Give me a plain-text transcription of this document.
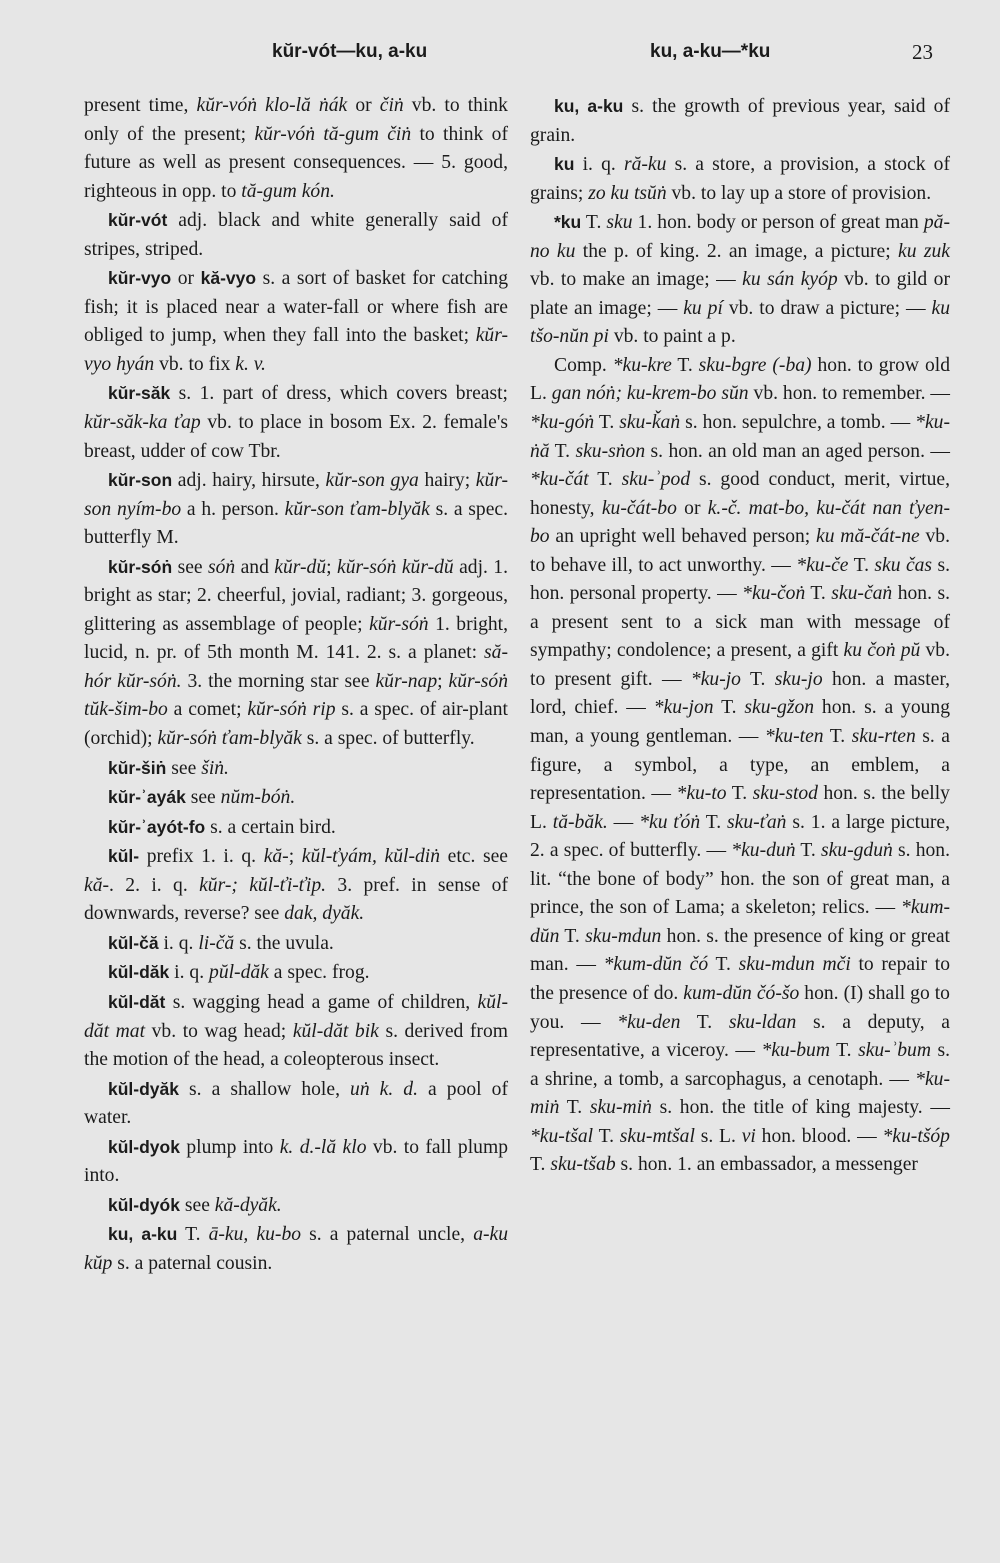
kŭr-vót—ku, a-ku	ku, a-ku—*ku	23

present time, kŭr-vóṅ klo-lă ṅák or čiṅ vb. to think only of the present; kŭr-vóṅ tă-gum čiṅ to think of future as well as present consequences. — 5. good, righteous in opp. to tă-gum kón.

kŭr-vót adj. black and white generally said of stripes, striped.

kŭr-vyo or kă-vyo s. a sort of basket for catching fish; it is placed near a water-fall or where fish are obliged to jump, when they fall into the basket; kŭr-vyo hyán vb. to fix k. v.

kŭr-săk s. 1. part of dress, which covers breast; kŭr-săk-ka ťap vb. to place in bosom Ex. 2. female's breast, udder of cow Tbr.

kŭr-son adj. hairy, hirsute, kŭr-son gya hairy; kŭr-son nyím-bo a h. person. kŭr-son ťam-blyăk s. a spec. butterfly M.

kŭr-sóṅ see sóṅ and kŭr-dŭ; kŭr-sóṅ kŭr-dŭ adj. 1. bright as star; 2. cheerful, jovial, radiant; 3. gorgeous, glittering as assemblage of people; kŭr-sóṅ 1. bright, lucid, n. pr. of 5th month M. 141. 2. s. a planet: să-hór kŭr-sóṅ. 3. the morning star see kŭr-nap; kŭr-sóṅ tŭk-šim-bo a comet; kŭr-sóṅ rip s. a spec. of air-plant (orchid); kŭr-sóṅ ťam-blyăk s. a spec. of butterfly.

kŭr-šiṅ see šiṅ.

kŭr-ʾayák see nŭm-bóṅ.

kŭr-ʾayót-fo s. a certain bird.

kŭl- prefix 1. i. q. kă-; kŭl-ťyám, kŭl-diṅ etc. see kă-. 2. i. q. kŭr-; kŭl-ťi-ťip. 3. pref. in sense of downwards, reverse? see dak, dyăk.

kŭl-čă i. q. li-čă s. the uvula.

kŭl-dăk i. q. pŭl-dăk a spec. frog.

kŭl-dăt s. wagging head a game of children, kŭl-dăt mat vb. to wag head; kŭl-dăt bik s. derived from the motion of the head, a coleopterous insect.

kŭl-dyăk s. a shallow hole, uṅ k. d. a pool of water.

kŭl-dyok plump into k. d.-lă klo vb. to fall plump into.

kŭl-dyók see kă-dyăk.

ku, a-ku T. ā-ku, ku-bo s. a paternal uncle, a-ku kŭp s. a paternal cousin.

ku, a-ku s. the growth of previous year, said of grain.

ku i. q. ră-ku s. a store, a provision, a stock of grains; zo ku tsŭṅ vb. to lay up a store of provision.

*ku T. sku 1. hon. body or person of great man pă-no ku the p. of king. 2. an image, a picture; ku zuk vb. to make an image; — ku sán kyóp vb. to gild or plate an image; — ku pí vb. to draw a picture; — ku tšo-nŭn pi vb. to paint a p.

Comp. *ku-kre T. sku-bgre (-ba) hon. to grow old L. gan nóṅ; ku-krem-bo sŭn vb. hon. to remember. — *ku-góṅ T. sku-ǩaṅ s. hon. sepulchre, a tomb. — *ku-ṅă T. sku-sṅon s. hon. an old man an aged person. — *ku-čát T. sku-ʾpod s. good conduct, merit, virtue, honesty, ku-čát-bo or k.-č. mat-bo, ku-čát nan ťyen-bo an upright well behaved person; ku mă-čát-ne vb. to behave ill, to act unworthy. — *ku-če T. sku čas s. hon. personal property. — *ku-čoṅ T. sku-čaṅ hon. s. a present sent to a sick man with message of sympathy; condolence; a present, a gift ku čoṅ pŭ vb. to present gift. — *ku-jo T. sku-jo hon. a master, lord, chief. — *ku-jon T. sku-gžon hon. s. a young man, a young gentleman. — *ku-ten T. sku-rten s. a figure, a symbol, a type, an emblem, a representation. — *ku-to T. sku-stod hon. s. the belly L. tă-băk. — *ku ťóṅ T. sku-ťaṅ s. 1. a large picture, 2. a spec. of butterfly. — *ku-duṅ T. sku-gduṅ s. hon. lit. “the bone of body” hon. the son of great man, a prince, the son of Lama; a skeleton; relics. — *kum-dŭn T. sku-mdun hon. s. the presence of king or great man. — *kum-dŭn čó T. sku-mdun mči to repair to the presence of do. kum-dŭn čó-šo hon. (I) shall go to you. — *ku-den T. sku-ldan s. a deputy, a representative, a viceroy. — *ku-bum T. sku-ʾbum s. a shrine, a tomb, a sarcophagus, a cenotaph. — *ku-miṅ T. sku-miṅ s. hon. the title of king majesty. — *ku-tšal T. sku-mtšal s. L. vi hon. blood. — *ku-tšóp T. sku-tšab s. hon. 1. an embassador, a messenger
